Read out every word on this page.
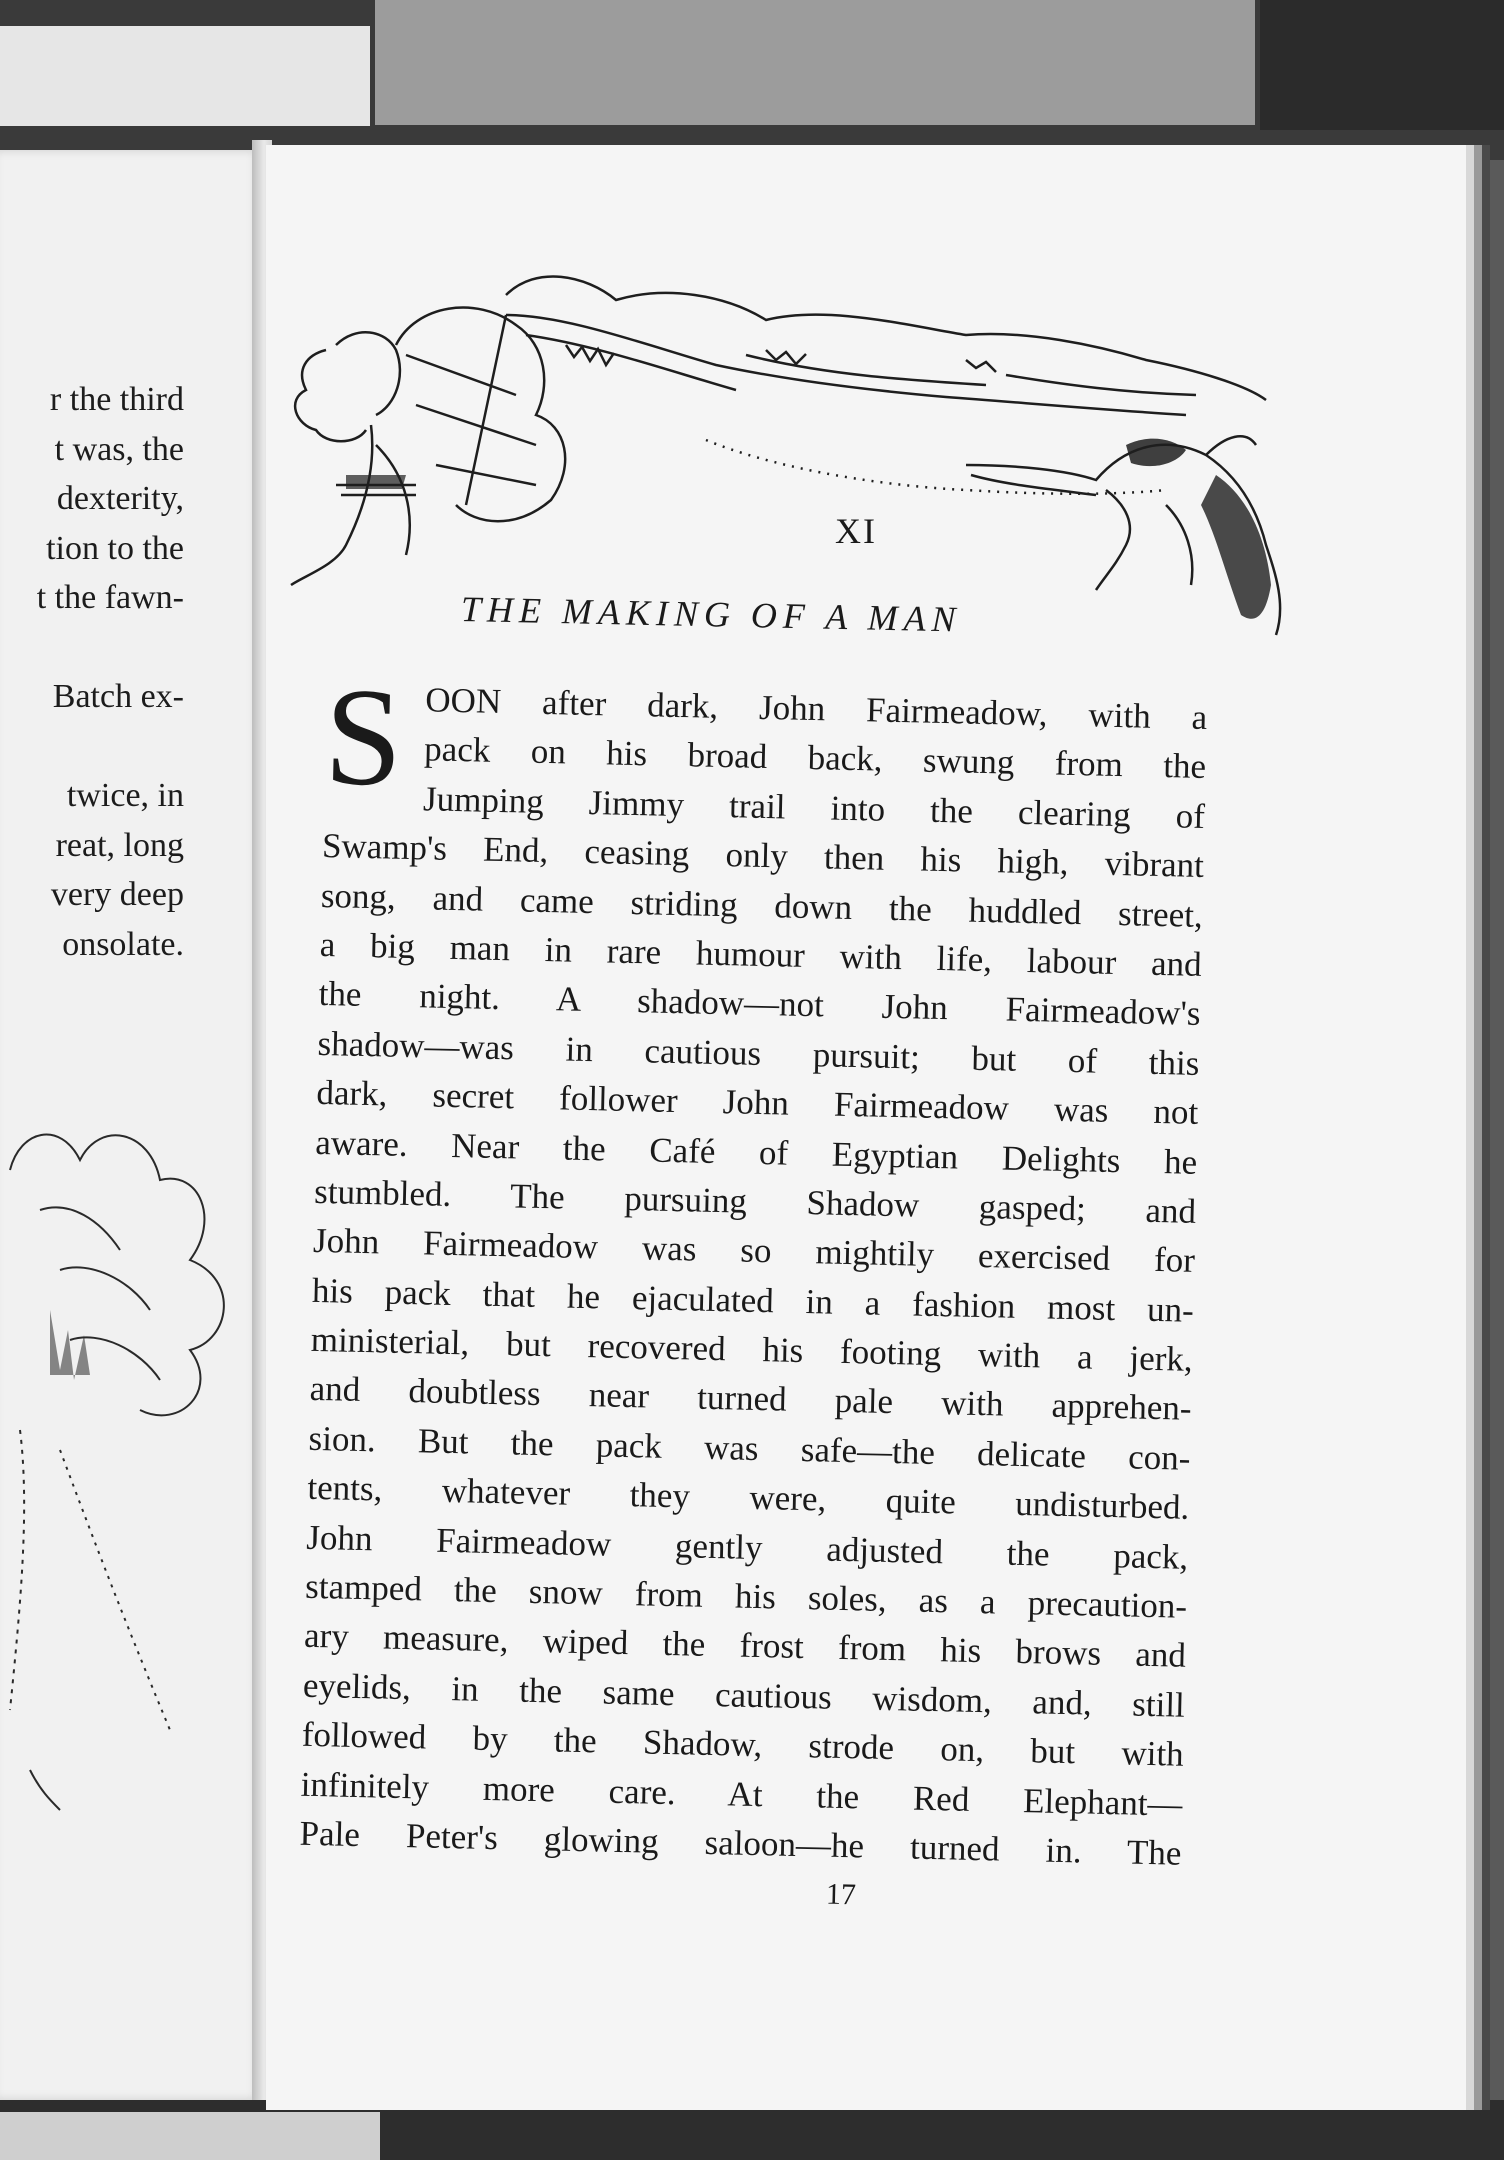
r the third
t was, the
dexterity,
tion to the
t the fawn-
Batch ex-
twice, in
reat, long
very deep
onsolate.
XI
THE MAKING OF A MAN
S OON after dark, John Fairmeadow, with a
pack on his broad back, swung from the
Jumping Jimmy trail into the clearing of
Swamp's End, ceasing only then his high, vibrant
song, and came striding down the huddled street,
a big man in rare humour with life, labour and
the night. A shadow—not John Fairmeadow's
shadow—was in cautious pursuit; but of this
dark, secret follower John Fairmeadow was not
aware. Near the Café of Egyptian Delights he
stumbled. The pursuing Shadow gasped; and
John Fairmeadow was so mightily exercised for
his pack that he ejaculated in a fashion most un-
ministerial, but recovered his footing with a jerk,
and doubtless near turned pale with apprehen-
sion. But the pack was safe—the delicate con-
tents, whatever they were, quite undisturbed.
John Fairmeadow gently adjusted the pack,
stamped the snow from his soles, as a precaution-
ary measure, wiped the frost from his brows and
eyelids, in the same cautious wisdom, and, still
followed by the Shadow, strode on, but with
infinitely more care. At the Red Elephant—
Pale Peter's glowing saloon—he turned in. The
17
